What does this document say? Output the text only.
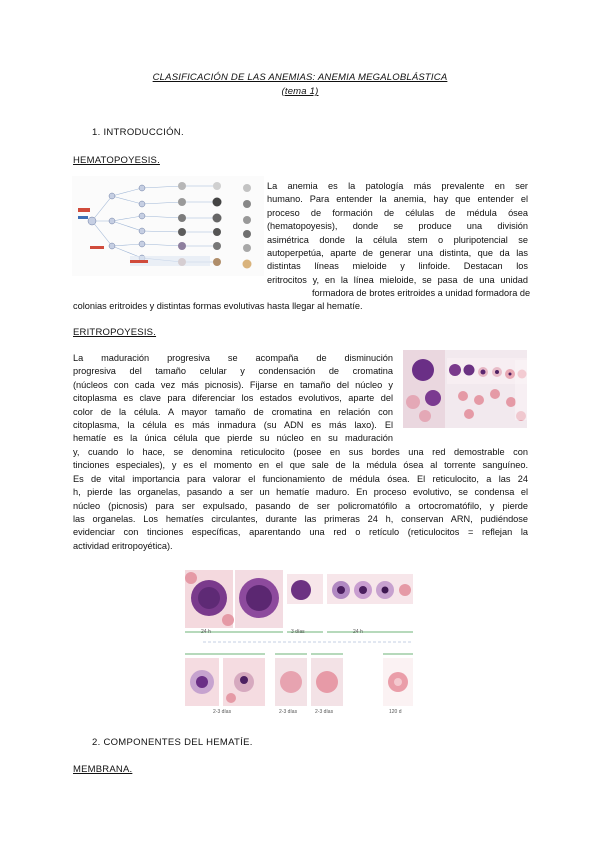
CLASIFICACIÓN DE LAS ANEMIAS: ANEMIA MEGALOBLÁSTICA
(tema 1)
1. INTRODUCCIÓN.
HEMATOPOYESIS.
La anemia es la patología más prevalente en ser
humano. Para entender la anemia, hay que entender el
proceso de formación de células de médula ósea
(hematopoyesis), donde se produce una división
asimétrica donde la célula stem o pluripotencial se
autoperpetúa, aparte de generar una distinta, que da las
distintas líneas mieloide y linfoide. Destacan los
eritrocitos y, en la línea mieloide, se pasa de una unidad
formadora de brotes eritroides a unidad formadora de
colonias eritroides y distintas formas evolutivas hasta llegar al hematíe.
ERITROPOYESIS.
La maduración progresiva se acompaña de disminución
progresiva del tamaño celular y condensación de cromatina
(núcleos con cada vez más picnosis). Fijarse en tamaño del núcleo y
citoplasma es clave para diferenciar los estados evolutivos, aparte del
color de la célula. A mayor tamaño de cromatina en relación con
citoplasma, la célula es más inmadura (su ADN es más laxo). El
hematíe es la única célula que pierde su núcleo en su maduración
y, cuando lo hace, se denomina reticulocito (posee en sus bordes una red demostrable con
tinciones especiales), y es el momento en el que sale de la médula ósea al torrente sanguíneo.
Es de vital importancia para valorar el funcionamiento de médula ósea. El reticulocito, a las 24
h, pierde las organelas, pasando a ser un hematíe maduro. En proceso evolutivo, se condensa el
núcleo (picnosis) para ser expulsado, pasando de ser policromatófilo a ortocromatófilo, y pierde
las organelas. Los hematíes circulantes, durante las primeras 24 h, conservan ARN, pudiéndose
evidenciar con tinciones específicas, aparentando una red o retículo (reticulocitos = reflejan la
actividad eritropoyética).
24 h	3 días	24 h
2-3 días	2-3 días	2-3 días	120 d
2. COMPONENTES DEL HEMATÍE.
MEMBRANA.
